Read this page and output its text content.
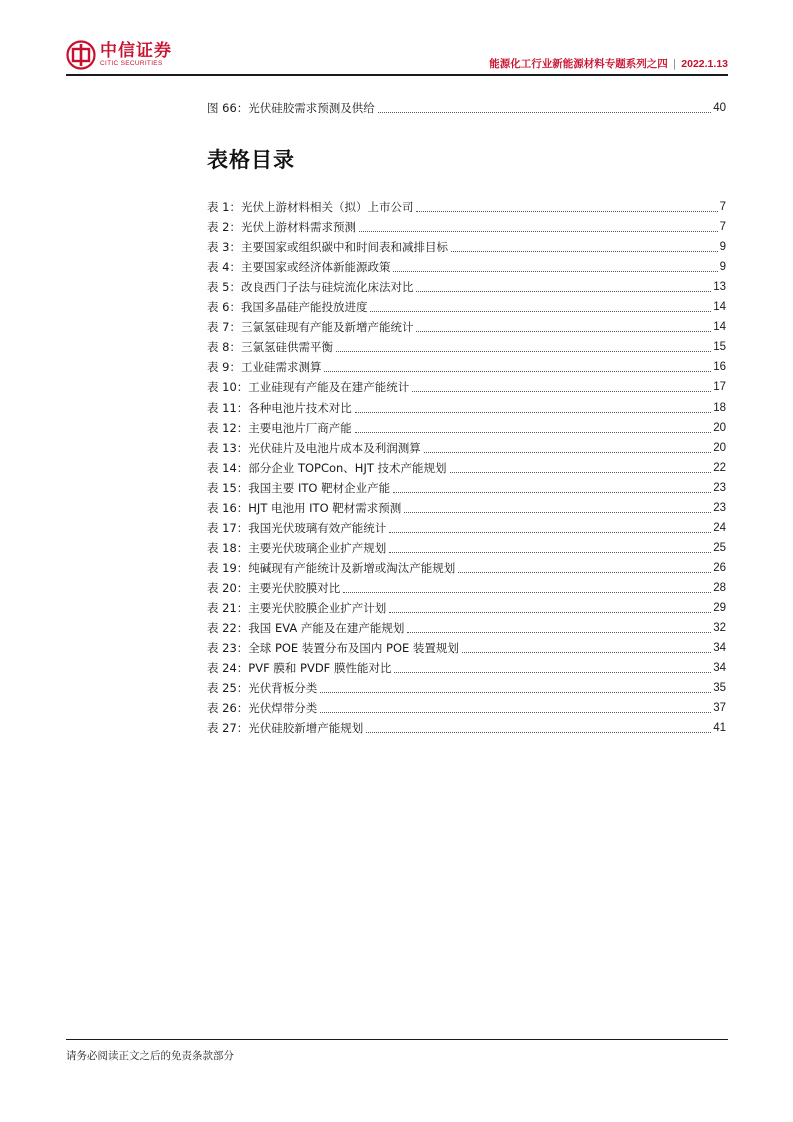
中信证券
CITIC SECURITIES	能源化工行业新能源材料专题系列之四 | 2022.1.13
图 66：光伏硅胶需求预测及供给	40
表格目录
表 1：光伏上游材料相关（拟）上市公司	7
表 2：光伏上游材料需求预测	7
表 3：主要国家或组织碳中和时间表和减排目标	9
表 4：主要国家或经济体新能源政策	9
表 5：改良西门子法与硅烷流化床法对比	13
表 6：我国多晶硅产能投放进度	14
表 7：三氯氢硅现有产能及新增产能统计	14
表 8：三氯氢硅供需平衡	15
表 9：工业硅需求测算	16
表 10：工业硅现有产能及在建产能统计	17
表 11：各种电池片技术对比	18
表 12：主要电池片厂商产能	20
表 13：光伏硅片及电池片成本及利润测算	20
表 14：部分企业 TOPCon、HJT 技术产能规划	22
表 15：我国主要 ITO 靶材企业产能	23
表 16：HJT 电池用 ITO 靶材需求预测	23
表 17：我国光伏玻璃有效产能统计	24
表 18：主要光伏玻璃企业扩产规划	25
表 19：纯碱现有产能统计及新增或淘汰产能规划	26
表 20：主要光伏胶膜对比	28
表 21：主要光伏胶膜企业扩产计划	29
表 22：我国 EVA 产能及在建产能规划	32
表 23：全球 POE 装置分布及国内 POE 装置规划	34
表 24：PVF 膜和 PVDF 膜性能对比	34
表 25：光伏背板分类	35
表 26：光伏焊带分类	37
表 27：光伏硅胶新增产能规划	41
请务必阅读正文之后的免责条款部分
